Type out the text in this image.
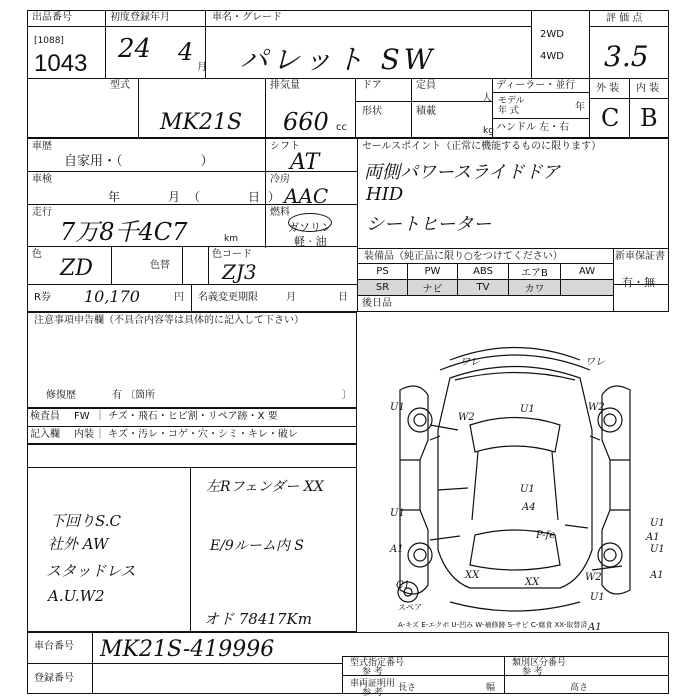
出品番号
[1088]
1043
初度登録年月
24 4
月
車名・グレード
パレット SW
2WD
4WD
評 価 点
3.5
外 装 内 装
C B
型式
MK21S
排気量
660 cc
ドア	定員
人
形状	積載
kg
ディーラー・並行
モデル
年 式	年
ハンドル 左・右
車歴
自家用・（　　　　　　）
シフト
AT
車検
年　　月（　　日）
冷房
AAC
走行
7万8千4C7	km
燃料
ガソリン
軽 · 油
色
ZD	色替
色コード
ZJ3
セールスポイント（正常に機能するものに限ります）
両側パワースライドドア
HID
シートヒーター
装備品（純正品に限り○をつけてください）	新車保証書
有・無
PS	PW	ABS	エアB	AW
SR	ナビ	TV	カワ
後日品
R券 10,170	円 名義変更期限	月	日
注意事項申告欄（不具合内容等は具体的に記入して下さい）
修復歴	有 〔箇所	〕
検査員
記入欄
FW ｜ チズ・飛石・ヒビ割・リペア跡・X 要
内装 ｜ キズ・汚レ・コゲ・穴・シミ・キレ・破レ
左Rフェンダー XX
下回りS.C
社外 AW
スタッドレス
A.U.W2
E/9ルーム内 S
オド 78417Km
ワレ	ワレ
U1
W2
U1	W2
U1
U1
A4
U1
A1
P-fe	A1
U1
C1
XX
XX	W2	A1
U1
A1
スペア
A-キズ E-エクボ U-凹み W-補修跡 S-サビ C-腐食 XX-取替済
車台番号 MK21S-419996
登録番号
型式指定番号
参 考
類別区分番号
参 考
車両証明用
参 考 長さ	幅	高さ
